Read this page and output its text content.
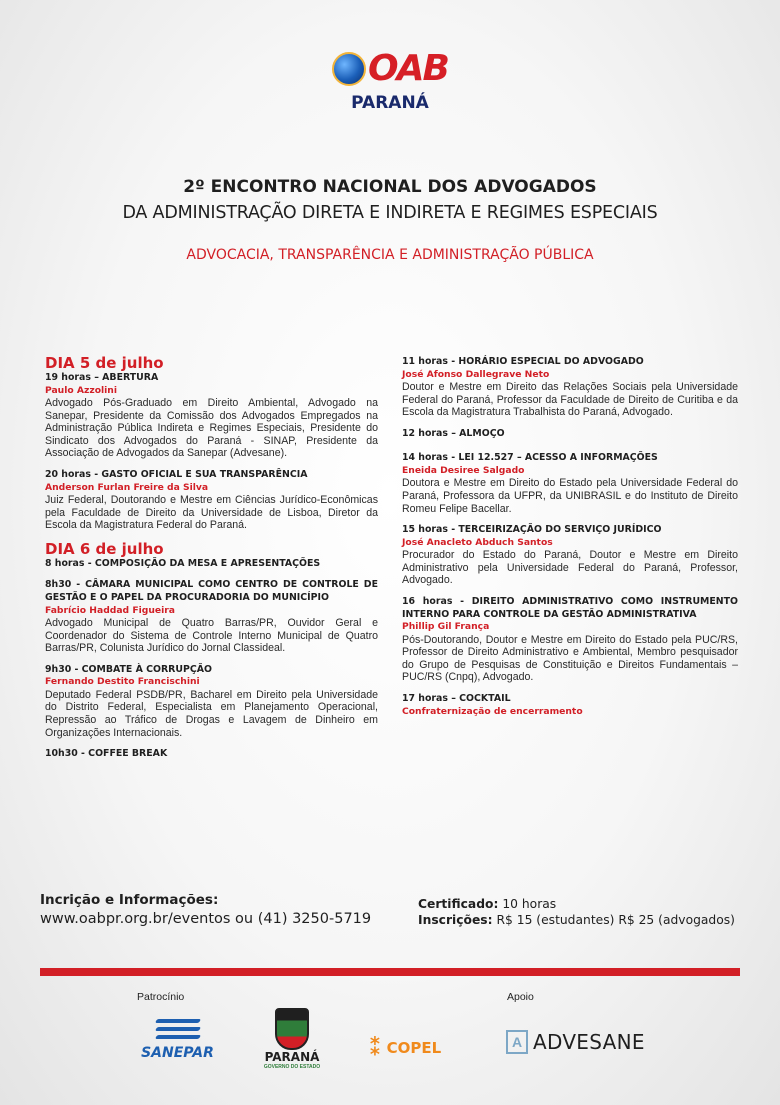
OAB
PARANÁ
2º ENCONTRO NACIONAL DOS ADVOGADOS
DA ADMINISTRAÇÃO DIRETA E INDIRETA E REGIMES ESPECIAIS
ADVOCACIA, TRANSPARÊNCIA E ADMINISTRAÇÃO PÚBLICA
DIA 5 de julho
19 horas – ABERTURA
Paulo Azzolini
Advogado Pós-Graduado em Direito Ambiental, Advogado na Sanepar, Presidente da Comissão dos Advogados Empregados na Administração Pública Indireta e Regimes Especiais, Presidente do Sindicato dos Advogados do Paraná - SINAP, Presidente da Associação de Advogados da Sanepar (Advesane).
20 horas - GASTO OFICIAL E SUA TRANSPARÊNCIA
Anderson Furlan Freire da Silva
Juiz Federal, Doutorando e Mestre em Ciências Jurídico-Econômicas pela Faculdade de Direito da Universidade de Lisboa, Diretor da Escola da Magistratura Federal do Paraná.
DIA 6 de julho
8 horas - COMPOSIÇÃO DA MESA E APRESENTAÇÕES
8h30 - CÂMARA MUNICIPAL COMO CENTRO DE CONTROLE DE GESTÃO E O PAPEL DA PROCURADORIA DO MUNICÍPIO
Fabrício Haddad Figueira
Advogado Municipal de Quatro Barras/PR, Ouvidor Geral e Coordenador do Sistema de Controle Interno Municipal de Quatro Barras/PR, Colunista Jurídico do Jornal Classideal.
9h30 - COMBATE À CORRUPÇÃO
Fernando Destito Francischini
Deputado Federal PSDB/PR, Bacharel em Direito pela Universidade do Distrito Federal, Especialista em Planejamento Operacional, Repressão ao Tráfico de Drogas e Lavagem de Dinheiro em Organizações Internacionais.
10h30 - COFFEE BREAK
11 horas - HORÁRIO ESPECIAL DO ADVOGADO
José Afonso Dallegrave Neto
Doutor e Mestre em Direito das Relações Sociais pela Universidade Federal do Paraná, Professor da Faculdade de Direito de Curitiba e da Escola da Magistratura Trabalhista do Paraná, Advogado.
12 horas – ALMOÇO
14 horas - LEI 12.527 – ACESSO A INFORMAÇÕES
Eneida Desiree Salgado
Doutora e Mestre em Direito do Estado pela Universidade Federal do Paraná, Professora da UFPR, da UNIBRASIL e do Instituto de Direito Romeu Felipe Bacellar.
15 horas - TERCEIRIZAÇÃO DO SERVIÇO JURÍDICO
José Anacleto Abduch Santos
Procurador do Estado do Paraná, Doutor e Mestre em Direito Administrativo pela Universidade Federal do Paraná, Professor, Advogado.
16 horas - DIREITO ADMINISTRATIVO COMO INSTRUMENTO INTERNO PARA CONTROLE DA GESTÃO ADMINISTRATIVA
Phillip Gil França
Pós-Doutorando, Doutor e Mestre em Direito do Estado pela PUC/RS, Professor de Direito Administrativo e Ambiental, Membro pesquisador do Grupo de Pesquisas de Constituição e Direitos Fundamentais – PUC/RS (Cnpq), Advogado.
17 horas – COCKTAIL
Confraternização de encerramento
Incrição e Informações:
www.oabpr.org.br/eventos ou (41) 3250-5719
Certificado: 10 horas
Inscrições: R$ 15 (estudantes) R$ 25 (advogados)
Patrocínio	Apoio
SANEPAR	PARANÁ
GOVERNO DO ESTADO
⁑ COPEL	A ADVESANE
